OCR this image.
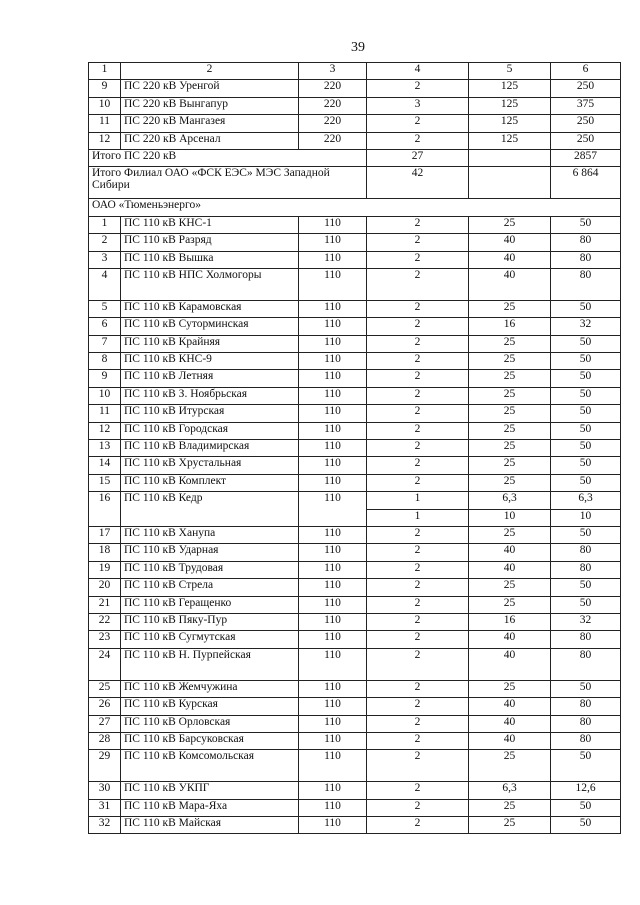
39
1	2	3	4	5	6
9	ПС 220 кВ Уренгой	220	2	125	250
10	ПС 220 кВ Вынгапур	220	3	125	375
11	ПС 220 кВ Мангазея	220	2	125	250
12	ПС 220 кВ Арсенал	220	2	125	250
Итого ПС 220 кВ			27		2857
Итого Филиал ОАО «ФСК ЕЭС» МЭС Западной Сибири			42		6 864
ОАО «Тюменьэнерго»					
1	ПС 110 кВ КНС-1	110	2	25	50
2	ПС 110 кВ Разряд	110	2	40	80
3	ПС 110 кВ Вышка	110	2	40	80
4	ПС 110 кВ НПС Холмогоры	110	2	40	80
5	ПС 110 кВ Карамовская	110	2	25	50
6	ПС 110 кВ Суторминская	110	2	16	32
7	ПС 110 кВ Крайняя	110	2	25	50
8	ПС 110 кВ КНС-9	110	2	25	50
9	ПС 110 кВ Летняя	110	2	25	50
10	ПС 110 кВ З. Ноябрьская	110	2	25	50
11	ПС 110 кВ Итурская	110	2	25	50
12	ПС 110 кВ Городская	110	2	25	50
13	ПС 110 кВ Владимирская	110	2	25	50
14	ПС 110 кВ Хрустальная	110	2	25	50
15	ПС 110 кВ Комплект	110	2	25	50
16	ПС 110 кВ Кедр	110	1	6,3	6,3
			1	10	10
17	ПС 110 кВ Ханупа	110	2	25	50
18	ПС 110 кВ Ударная	110	2	40	80
19	ПС 110 кВ Трудовая	110	2	40	80
20	ПС 110 кВ Стрела	110	2	25	50
21	ПС 110 кВ Геращенко	110	2	25	50
22	ПС 110 кВ Пяку-Пур	110	2	16	32
23	ПС 110 кВ Сугмутская	110	2	40	80
24	ПС 110 кВ Н. Пурпейская	110	2	40	80
25	ПС 110 кВ Жемчужина	110	2	25	50
26	ПС 110 кВ Курская	110	2	40	80
27	ПС 110 кВ Орловская	110	2	40	80
28	ПС 110 кВ Барсуковская	110	2	40	80
29	ПС 110 кВ Комсомольская	110	2	25	50
30	ПС 110 кВ УКПГ	110	2	6,3	12,6
31	ПС 110 кВ Мара-Яха	110	2	25	50
32	ПС 110 кВ Майская	110	2	25	50
